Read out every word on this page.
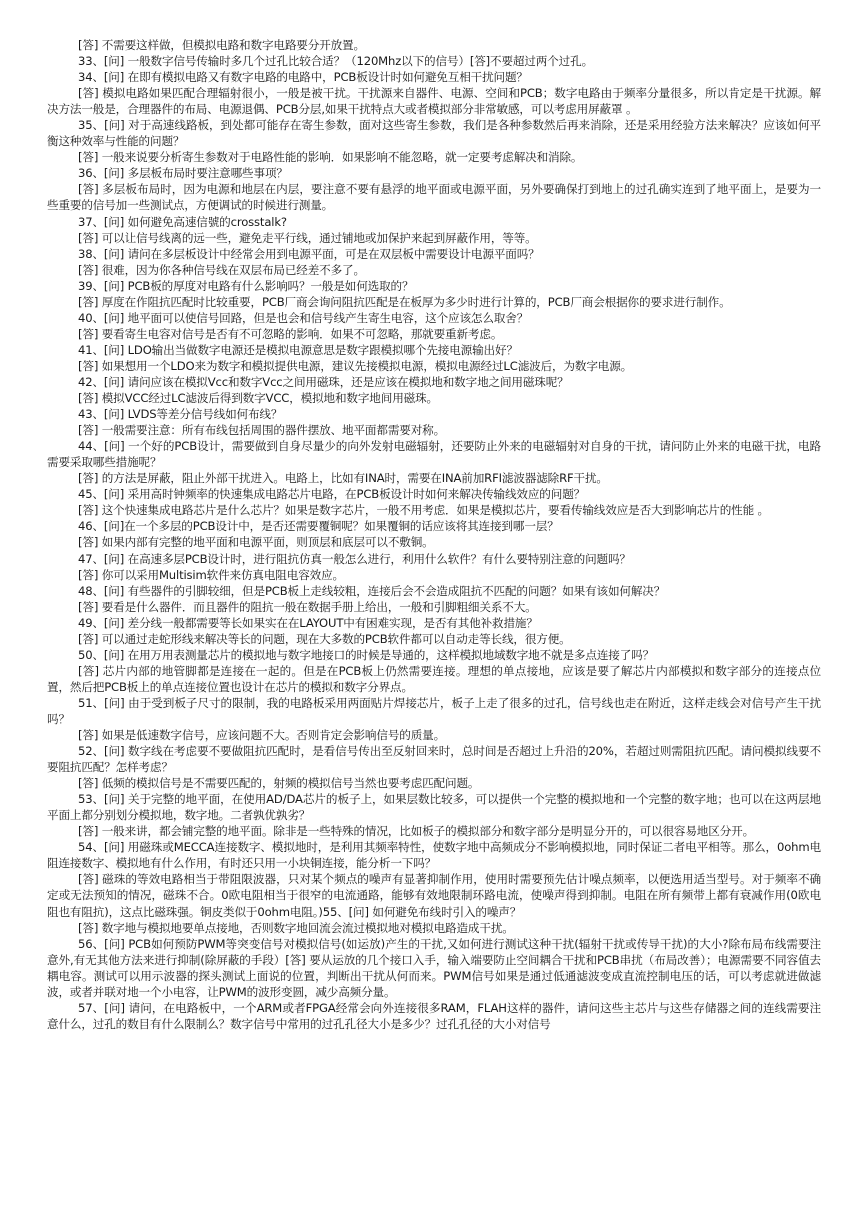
[答] 不需要这样做，但模拟电路和数字电路要分开放置。

33、[问] 一般数字信号传输时多几个过孔比较合适？（120Mhz以下的信号）[答]不要超过两个过孔。

34、[问] 在即有模拟电路又有数字电路的电路中，PCB板设计时如何避免互相干扰问题？

[答] 模拟电路如果匹配合理辐射很小，一般是被干扰。干扰源来自器件、电源、空间和PCB；数字电路由于频率分量很多，所以肯定是干扰源。解决方法一般是，合理器件的布局、电源退偶、PCB分层,如果干扰特点大或者模拟部分非常敏感，可以考虑用屏蔽罩 。

35、[问] 对于高速线路板，到处都可能存在寄生参数，面对这些寄生参数，我们是各种参数然后再来消除，还是采用经验方法来解决？应该如何平衡这种效率与性能的问题？

[答] 一般来说要分析寄生参数对于电路性能的影响．如果影响不能忽略，就一定要考虑解决和消除。

36、[问] 多层板布局时要注意哪些事项？

[答] 多层板布局时，因为电源和地层在内层，要注意不要有悬浮的地平面或电源平面，另外要确保打到地上的过孔确实连到了地平面上，是要为一些重要的信号加一些测试点，方便调试的时候进行测量。

37、[问] 如何避免高速信號的crosstalk?

[答] 可以让信号线离的远一些，避免走平行线，通过铺地或加保护来起到屏蔽作用，等等。

38、[问] 请问在多层板设计中经常会用到电源平面，可是在双层板中需要设计电源平面吗？

[答] 很难，因为你各种信号线在双层布局已经差不多了。

39、[问] PCB板的厚度对电路有什么影响吗？一般是如何选取的？

[答] 厚度在作阻抗匹配时比较重要，PCB厂商会询问阻抗匹配是在板厚为多少时进行计算的，PCB厂商会根据你的要求进行制作。

40、[问] 地平面可以使信号回路，但是也会和信号线产生寄生电容，这个应该怎么取舍？

[答] 要看寄生电容对信号是否有不可忽略的影响．如果不可忽略，那就要重新考虑。

41、[问] LDO输出当做数字电源还是模拟电源意思是数字跟模拟哪个先接电源输出好？

[答] 如果想用一个LDO来为数字和模拟提供电源，建议先接模拟电源，模拟电源经过LC滤波后，为数字电源。

42、[问] 请问应该在模拟Vcc和数字Vcc之间用磁珠，还是应该在模拟地和数字地之间用磁珠呢？

[答] 模拟VCC经过LC滤波后得到数字VCC，模拟地和数字地间用磁珠。

43、[问] LVDS等差分信号线如何布线？

[答] 一般需要注意：所有布线包括周围的器件摆放、地平面都需要对称。

44、[问] 一个好的PCB设计，需要做到自身尽量少的向外发射电磁辐射，还要防止外来的电磁辐射对自身的干扰，请问防止外来的电磁干扰，电路需要采取哪些措施呢？

[答] 的方法是屏蔽，阻止外部干扰进入。电路上，比如有INA时，需要在INA前加RFI滤波器滤除RF干扰。

45、[问] 采用高时钟频率的快速集成电路芯片电路，在PCB板设计时如何来解决传输线效应的问题？

[答] 这个快速集成电路芯片是什么芯片？如果是数字芯片，一般不用考虑．如果是模拟芯片，要看传输线效应是否大到影响芯片的性能 。

46、[问]在一个多层的PCB设计中，是否还需要覆铜呢？如果覆铜的话应该将其连接到哪一层？

[答] 如果内部有完整的地平面和电源平面，则顶层和底层可以不敷铜。

47、[问] 在高速多层PCB设计时，进行阻抗仿真一般怎么进行，利用什么软件？有什么要特别注意的问题吗？

[答] 你可以采用Multisim软件来仿真电阻电容效应。

48、[问] 有些器件的引脚较细，但是PCB板上走线较粗，连接后会不会造成阻抗不匹配的问题？如果有该如何解决？

[答] 要看是什么器件．而且器件的阻抗一般在数据手册上给出，一般和引脚粗细关系不大。

49、[问] 差分线一般都需要等长如果实在在LAYOUT中有困难实现，是否有其他补救措施？

[答] 可以通过走蛇形线来解决等长的问题，现在大多数的PCB软件都可以自动走等长线，很方便。

50、[问] 在用万用表测量芯片的模拟地与数字地接口的时候是导通的，这样模拟地域数字地不就是多点连接了吗？

[答] 芯片内部的地管脚都是连接在一起的。但是在PCB板上仍然需要连接。理想的单点接地，应该是要了解芯片内部模拟和数字部分的连接点位置，然后把PCB板上的单点连接位置也设计在芯片的模拟和数字分界点。

51、[问] 由于受到板子尺寸的限制，我的电路板采用两面贴片焊接芯片，板子上走了很多的过孔，信号线也走在附近，这样走线会对信号产生干扰吗？

[答] 如果是低速数字信号，应该问题不大。否则肯定会影响信号的质量。

52、[问] 数字线在考虑要不要做阻抗匹配时，是看信号传出至反射回来时，总时间是否超过上升沿的20%，若超过则需阻抗匹配。请问模拟线要不要阻抗匹配？怎样考虑？

[答] 低频的模拟信号是不需要匹配的，射频的模拟信号当然也要考虑匹配问题。

53、[问] 关于完整的地平面，在使用AD/DA芯片的板子上，如果层数比较多，可以提供一个完整的模拟地和一个完整的数字地；也可以在这两层地平面上都分别划分模拟地，数字地。二者孰优孰劣？

[答] 一般来讲，都会铺完整的地平面。除非是一些特殊的情况，比如板子的模拟部分和数字部分是明显分开的，可以很容易地区分开。

54、[问] 用磁珠或MECCA连接数字、模拟地时，是利用其频率特性，使数字地中高频成分不影响模拟地，同时保证二者电平相等。那么，0ohm电阻连接数字、模拟地有什么作用，有时还只用一小块铜连接，能分析一下吗？

[答] 磁珠的等效电路相当于带阻限波器，只对某个频点的噪声有显著抑制作用，使用时需要预先估计噪点频率，以便选用适当型号。对于频率不确定或无法预知的情况，磁珠不合。0欧电阻相当于很窄的电流通路，能够有效地限制环路电流，使噪声得到抑制。电阻在所有频带上都有衰减作用(0欧电阻也有阻抗)，这点比磁珠强。铜皮类似于0ohm电阻。)55、[问] 如何避免布线时引入的噪声？

[答] 数字地与模拟地要单点接地，否则数字地回流会流过模拟地对模拟电路造成干扰。

56、[问] PCB如何预防PWM等突变信号对模拟信号(如运放)产生的干扰,又如何进行测试这种干扰(辐射干扰或传导干扰)的大小?除布局布线需要注意外,有无其他方法来进行抑制(除屏蔽的手段）[答] 要从运放的几个接口入手，输入端要防止空间耦合干扰和PCB串扰（布局改善）；电源需要不同容值去耦电容。测试可以用示波器的探头测试上面说的位置，判断出干扰从何而来。PWM信号如果是通过低通滤波变成直流控制电压的话，可以考虑就进做滤波，或者并联对地一个小电容，让PWM的波形变圆，减少高频分量。

57、[问] 请问，在电路板中，一个ARM或者FPGA经常会向外连接很多RAM，FLAH这样的器件，请问这些主芯片与这些存储器之间的连线需要注意什么，过孔的数目有什么限制么？数字信号中常用的过孔孔径大小是多少？过孔孔径的大小对信号
